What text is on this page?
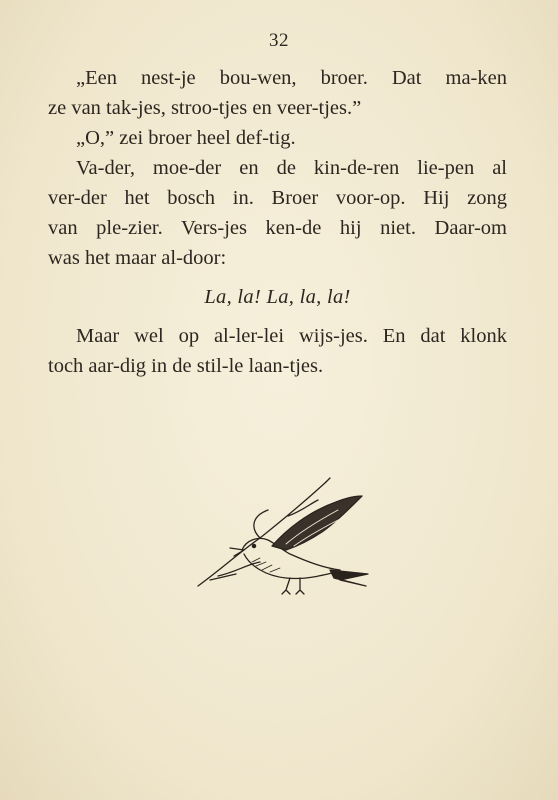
32

„Een nest-je bou-wen, broer. Dat ma-ken

ze van tak-jes, stroo-tjes en veer-tjes.”

„O,” zei broer heel def-tig.

Va-der, moe-der en de kin-de-ren lie-pen al

ver-der het bosch in. Broer voor-op. Hij zong

van ple-zier. Vers-jes ken-de hij niet. Daar-om

was het maar al-door:

La, la! La, la, la!

Maar wel op al-ler-lei wijs-jes. En dat klonk

toch aar-dig in de stil-le laan-tjes.
